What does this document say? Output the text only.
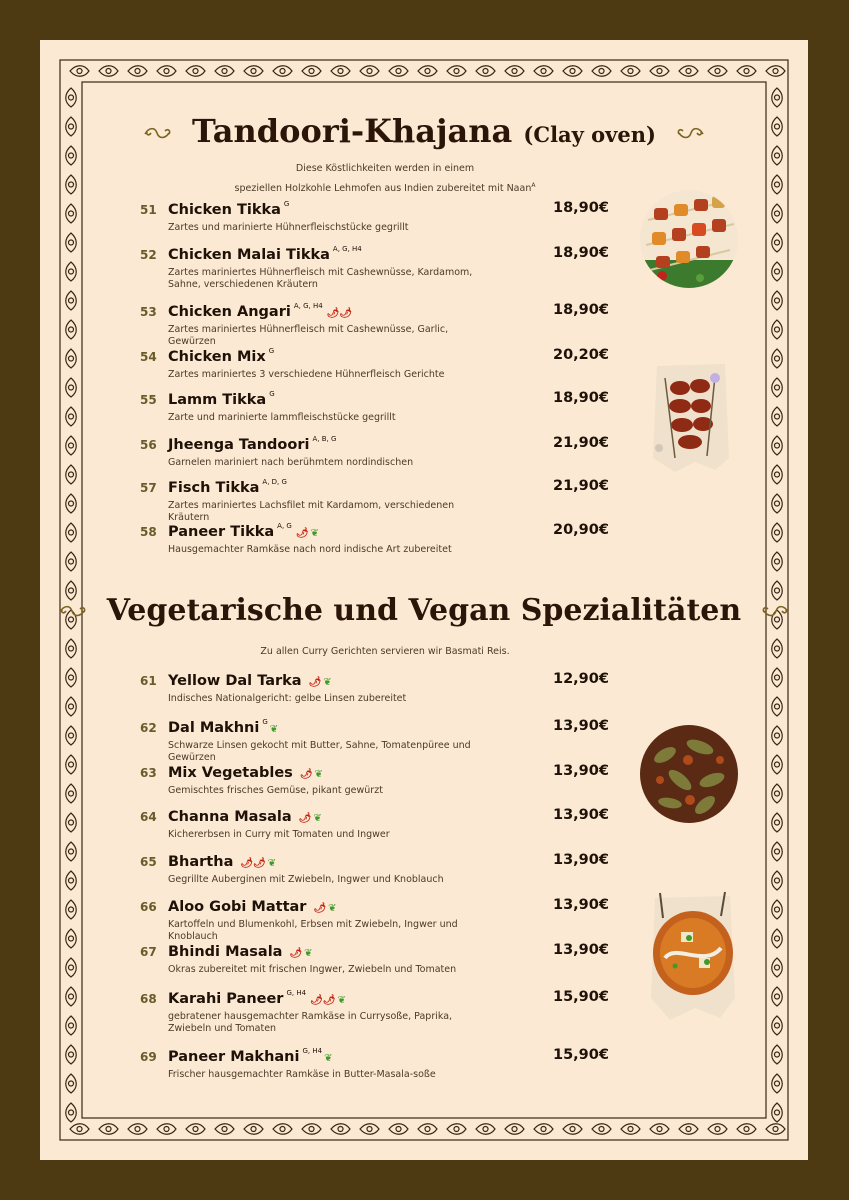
Tandoori-Khajana (Clay oven)
Diese Köstlichkeiten werden in einem
speziellen Holzkohle Lehmofen aus Indien zubereitet mit Naan$^A$
51 Chicken Tikka $^G$
Zartes und marinierte Hühnerfleischstücke gegrillt
18,90€
52 Chicken Malai Tikka $^{A, G, H4}$
Zartes mariniertes Hühnerfleisch mit Cashewnüsse, Kardamom, Sahne, verschiedenen Kräutern
18,90€
53 Chicken Angari $^{A, G, H4}$🌶🌶
Zartes mariniertes Hühnerfleisch mit Cashewnüsse, Garlic, Gewürzen
18,90€
54 Chicken Mix $^G$
Zartes mariniertes 3 verschiedene Hühnerfleisch Gerichte
20,20€
55 Lamm Tikka $^G$
Zarte und marinierte lammfleischstücke gegrillt
18,90€
56 Jheenga Tandoori $^{A, B, G}$
Garnelen mariniert nach berühmtem nordindischen
21,90€
57 Fisch Tikka $^{A, D, G}$
Zartes mariniertes Lachsfilet mit Kardamom, verschiedenen Kräutern
21,90€
58 Paneer Tikka $^{A, G}$🌶 ❦
Hausgemachter Ramkäse nach nord indische Art zubereitet
20,90€
Vegetarische und Vegan Spezialitäten
Zu allen Curry Gerichten servieren wir Basmati Reis.
61 Yellow Dal Tarka 🌶 ❦
Indisches Nationalgericht: gelbe Linsen zubereitet
12,90€
62 Dal Makhni $^G$❦
Schwarze Linsen gekocht mit Butter, Sahne, Tomatenpüree und Gewürzen
13,90€
63 Mix Vegetables 🌶 ❦
Gemischtes frisches Gemüse, pikant gewürzt
13,90€
64 Channa Masala 🌶 ❦
Kichererbsen in Curry mit Tomaten und Ingwer
13,90€
65 Bhartha 🌶🌶 ❦
Gegrillte Auberginen mit Zwiebeln, Ingwer und Knoblauch
13,90€
66 Aloo Gobi Mattar 🌶 ❦
Kartoffeln und Blumenkohl, Erbsen mit Zwiebeln, Ingwer und Knoblauch
13,90€
67 Bhindi Masala 🌶 ❦
Okras zubereitet mit frischen Ingwer, Zwiebeln und Tomaten
13,90€
68 Karahi Paneer $^{G, H4}$🌶🌶 ❦
gebratener hausgemachter Ramkäse in Currysoße, Paprika, Zwiebeln und Tomaten
15,90€
69 Paneer Makhani $^{G, H4}$❦
Frischer hausgemachter Ramkäse in Butter-Masala-soße
15,90€
